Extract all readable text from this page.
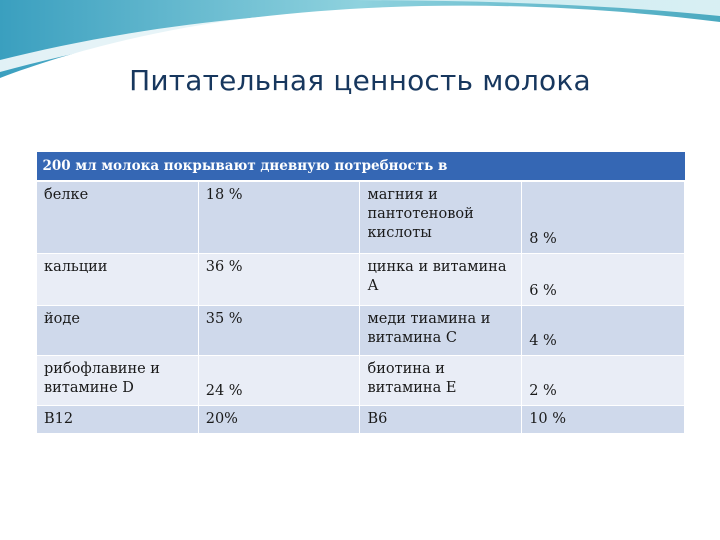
Питательная ценность молока
200 мл молока покрывают дневную потребность в			
белке	18 %	магния и пантотеновой кислоты	8 %
кальции	36 %	цинка и витамина А	6 %
йоде	35 %	меди тиамина и витамина С	4 %
рибофлавине и витамине D	24 %	биотина и витамина Е	2 %
B12	20%	B6	10 %
